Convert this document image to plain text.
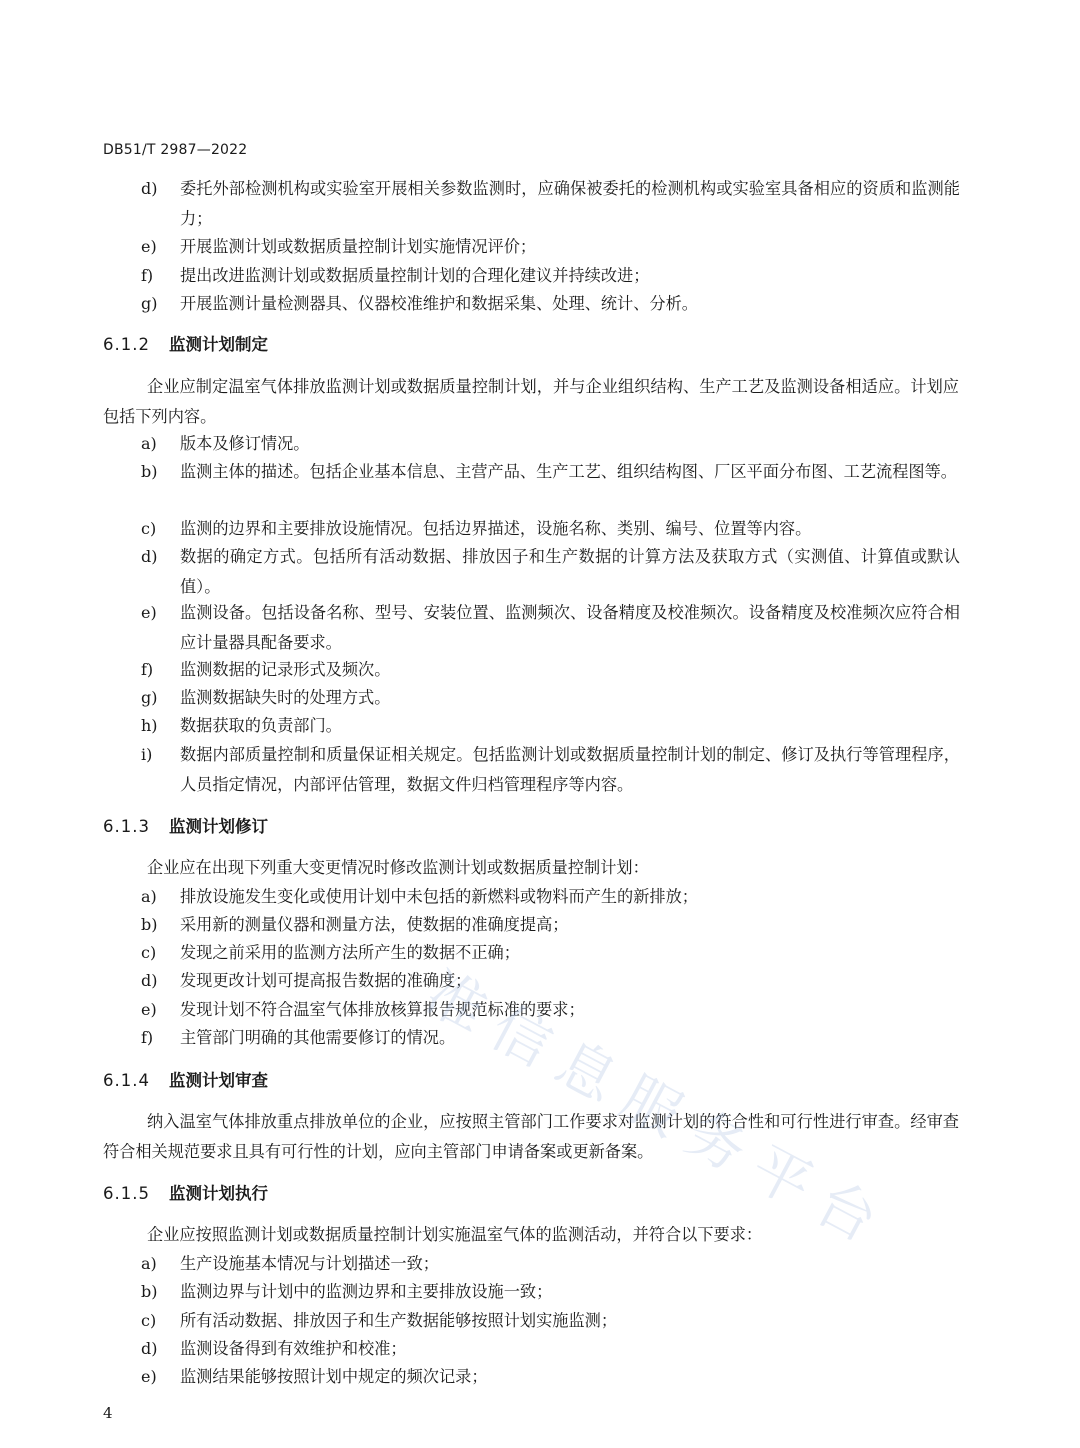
DB51/T 2987—2022
d) 委托外部检测机构或实验室开展相关参数监测时，应确保被委托的检测机构或实验室具备相应的资质和监测能力；
e) 开展监测计划或数据质量控制计划实施情况评价；
f) 提出改进监测计划或数据质量控制计划的合理化建议并持续改进；
g) 开展监测计量检测器具、仪器校准维护和数据采集、处理、统计、分析。
6.1.2 监测计划制定
企业应制定温室气体排放监测计划或数据质量控制计划，并与企业组织结构、生产工艺及监测设备相适应。计划应包括下列内容。
a) 版本及修订情况。
b) 监测主体的描述。包括企业基本信息、主营产品、生产工艺、组织结构图、厂区平面分布图、工艺流程图等。
c) 监测的边界和主要排放设施情况。包括边界描述，设施名称、类别、编号、位置等内容。
d) 数据的确定方式。包括所有活动数据、排放因子和生产数据的计算方法及获取方式（实测值、计算值或默认值）。
e) 监测设备。包括设备名称、型号、安装位置、监测频次、设备精度及校准频次。设备精度及校准频次应符合相应计量器具配备要求。
f) 监测数据的记录形式及频次。
g) 监测数据缺失时的处理方式。
h) 数据获取的负责部门。
i) 数据内部质量控制和质量保证相关规定。包括监测计划或数据质量控制计划的制定、修订及执行等管理程序，人员指定情况，内部评估管理，数据文件归档管理程序等内容。
6.1.3 监测计划修订
企业应在出现下列重大变更情况时修改监测计划或数据质量控制计划：
a) 排放设施发生变化或使用计划中未包括的新燃料或物料而产生的新排放；
b) 采用新的测量仪器和测量方法，使数据的准确度提高；
c) 发现之前采用的监测方法所产生的数据不正确；
d) 发现更改计划可提高报告数据的准确度；
e) 发现计划不符合温室气体排放核算报告规范标准的要求；
f) 主管部门明确的其他需要修订的情况。
6.1.4 监测计划审查
纳入温室气体排放重点排放单位的企业，应按照主管部门工作要求对监测计划的符合性和可行性进行审查。经审查符合相关规范要求且具有可行性的计划，应向主管部门申请备案或更新备案。
6.1.5 监测计划执行
企业应按照监测计划或数据质量控制计划实施温室气体的监测活动，并符合以下要求：
a) 生产设施基本情况与计划描述一致；
b) 监测边界与计划中的监测边界和主要排放设施一致；
c) 所有活动数据、排放因子和生产数据能够按照计划实施监测；
d) 监测设备得到有效维护和校准；
e) 监测结果能够按照计划中规定的频次记录；
4
准
信
息
服
务
平
台
